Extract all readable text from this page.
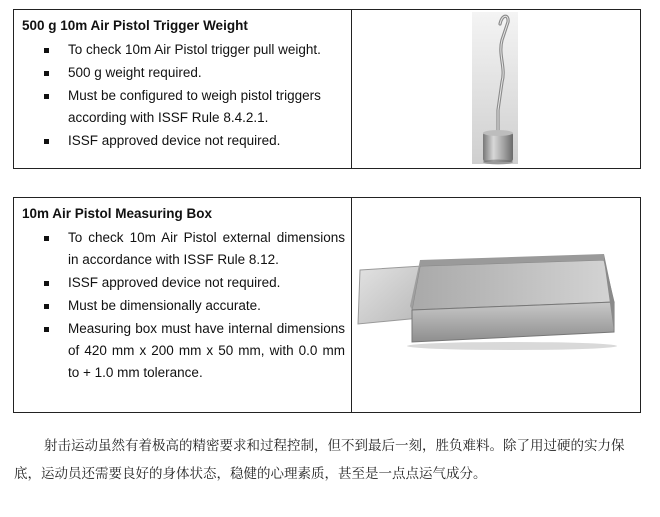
500 g 10m Air Pistol Trigger Weight
To check 10m Air Pistol trigger pull weight.
500 g weight required.
Must be configured to weigh pistol triggers according with ISSF Rule 8.4.2.1.
ISSF approved device not required.
10m Air Pistol Measuring Box
To check 10m Air Pistol external dimensions in accordance with ISSF Rule 8.12.
ISSF approved device not required.
Must be dimensionally accurate.
Measuring box must have internal dimensions of 420 mm x 200 mm x 50 mm, with 0.0 mm to + 1.0 mm tolerance.
射击运动虽然有着极高的精密要求和过程控制，但不到最后一刻，胜负难料。除了用过硬的实力保底，运动员还需要良好的身体状态，稳健的心理素质，甚至是一点点运气成分。
